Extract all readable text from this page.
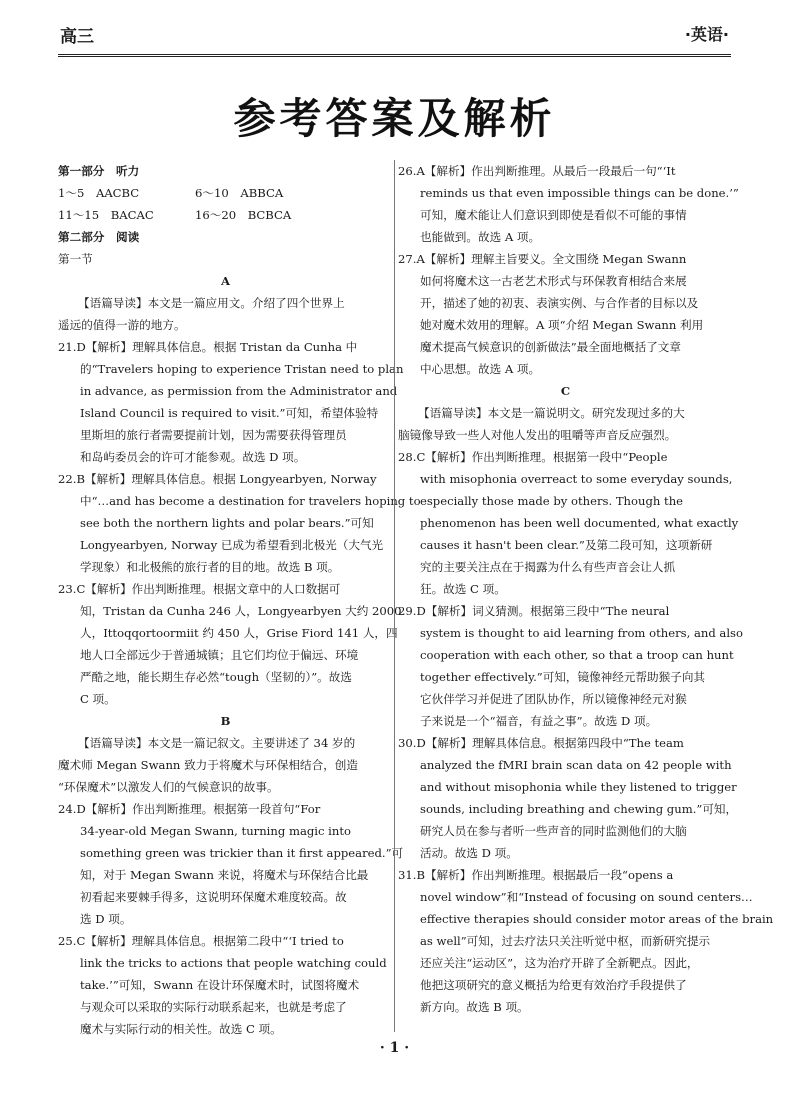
高三	·英语·
参考答案及解析
第一部分　听力
1～5　AACBC	6～10　ABBCA
11～15　BACAC	16～20　BCBCA
第二部分　阅读
第一节
A
【语篇导读】本文是一篇应用文。介绍了四个世界上
遥远的值得一游的地方。
21.D【解析】理解具体信息。根据 Tristan da Cunha 中
的“Travelers hoping to experience Tristan need to plan
in advance, as permission from the Administrator and
Island Council is required to visit.”可知，希望体验特
里斯坦的旅行者需要提前计划，因为需要获得管理员
和岛屿委员会的许可才能参观。故选 D 项。
22.B【解析】理解具体信息。根据 Longyearbyen, Norway
中“…and has become a destination for travelers hoping to
see both the northern lights and polar bears.”可知
Longyearbyen, Norway 已成为希望看到北极光（大气光
学现象）和北极熊的旅行者的目的地。故选 B 项。
23.C【解析】作出判断推理。根据文章中的人口数据可
知，Tristan da Cunha 246 人，Longyearbyen 大约 2000
人，Ittoqqortoormiit 约 450 人，Grise Fiord 141 人，四
地人口全部远少于普通城镇；且它们均位于偏远、环境
严酷之地，能长期生存必然“tough（坚韧的）”。故选
C 项。
B
【语篇导读】本文是一篇记叙文。主要讲述了 34 岁的
魔术师 Megan Swann 致力于将魔术与环保相结合，创造
“环保魔术”以激发人们的气候意识的故事。
24.D【解析】作出判断推理。根据第一段首句“For
34-year-old Megan Swann, turning magic into
something green was trickier than it first appeared.”可
知，对于 Megan Swann 来说，将魔术与环保结合比最
初看起来要棘手得多，这说明环保魔术难度较高。故
选 D 项。
25.C【解析】理解具体信息。根据第二段中“‘I tried to
link the tricks to actions that people watching could
take.’”可知，Swann 在设计环保魔术时，试图将魔术
与观众可以采取的实际行动联系起来，也就是考虑了
魔术与实际行动的相关性。故选 C 项。
26.A【解析】作出判断推理。从最后一段最后一句“‘It
reminds us that even impossible things can be done.’”
可知，魔术能让人们意识到即使是看似不可能的事情
也能做到。故选 A 项。
27.A【解析】理解主旨要义。全文围绕 Megan Swann
如何将魔术这一古老艺术形式与环保教育相结合来展
开，描述了她的初衷、表演实例、与合作者的目标以及
她对魔术效用的理解。A 项“介绍 Megan Swann 利用
魔术提高气候意识的创新做法”最全面地概括了文章
中心思想。故选 A 项。
C
【语篇导读】本文是一篇说明文。研究发现过多的大
脑镜像导致一些人对他人发出的咀嚼等声音反应强烈。
28.C【解析】作出判断推理。根据第一段中“People
with misophonia overreact to some everyday sounds,
especially those made by others. Though the
phenomenon has been well documented, what exactly
causes it hasn't been clear.”及第二段可知，这项新研
究的主要关注点在于揭露为什么有些声音会让人抓
狂。故选 C 项。
29.D【解析】词义猜测。根据第三段中“The neural
system is thought to aid learning from others, and also
cooperation with each other, so that a troop can hunt
together effectively.”可知，镜像神经元帮助猴子向其
它伙伴学习并促进了团队协作，所以镜像神经元对猴
子来说是一个“福音，有益之事”。故选 D 项。
30.D【解析】理解具体信息。根据第四段中“The team
analyzed the fMRI brain scan data on 42 people with
and without misophonia while they listened to trigger
sounds, including breathing and chewing gum.”可知，
研究人员在参与者听一些声音的同时监测他们的大脑
活动。故选 D 项。
31.B【解析】作出判断推理。根据最后一段“opens a
novel window”和“Instead of focusing on sound centers…
effective therapies should consider motor areas of the brain
as well”可知，过去疗法只关注听觉中枢，而新研究提示
还应关注“运动区”，这为治疗开辟了全新靶点。因此，
他把这项研究的意义概括为给更有效治疗手段提供了
新方向。故选 B 项。
· 1 ·
